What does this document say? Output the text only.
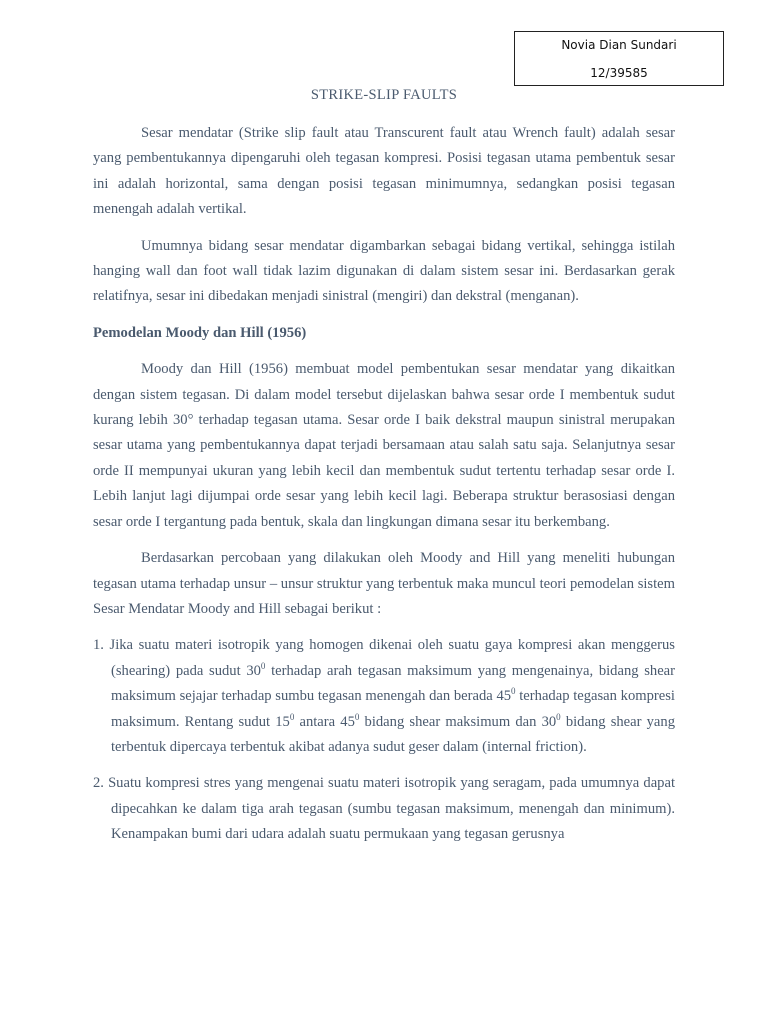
Novia Dian Sundari
12/39585
STRIKE-SLIP FAULTS

Sesar mendatar (Strike slip fault atau Transcurent fault atau Wrench fault) adalah sesar yang pembentukannya dipengaruhi oleh tegasan kompresi. Posisi tegasan utama pembentuk sesar ini adalah horizontal, sama dengan posisi tegasan minimumnya, sedangkan posisi tegasan menengah adalah vertikal.

Umumnya bidang sesar mendatar digambarkan sebagai bidang vertikal, sehingga istilah hanging wall dan foot wall tidak lazim digunakan di dalam sistem sesar ini. Berdasarkan gerak relatifnya, sesar ini dibedakan menjadi sinistral (mengiri) dan dekstral (menganan).

Pemodelan Moody dan Hill (1956)

Moody dan Hill (1956) membuat model pembentukan sesar mendatar yang dikaitkan dengan sistem tegasan. Di dalam model tersebut dijelaskan bahwa sesar orde I membentuk sudut kurang lebih 30° terhadap tegasan utama. Sesar orde I baik dekstral maupun sinistral merupakan sesar utama yang pembentukannya dapat terjadi bersamaan atau salah satu saja. Selanjutnya sesar orde II mempunyai ukuran yang lebih kecil dan membentuk sudut tertentu terhadap sesar orde I. Lebih lanjut lagi dijumpai orde sesar yang lebih kecil lagi. Beberapa struktur berasosiasi dengan sesar orde I tergantung pada bentuk, skala dan lingkungan dimana sesar itu berkembang.

Berdasarkan percobaan yang dilakukan oleh Moody and Hill yang meneliti hubungan tegasan utama terhadap unsur – unsur struktur yang terbentuk maka muncul teori pemodelan sistem Sesar Mendatar Moody and Hill sebagai berikut :

1. Jika suatu materi isotropik yang homogen dikenai oleh suatu gaya kompresi akan menggerus (shearing) pada sudut $30^0$ terhadap arah tegasan maksimum yang mengenainya, bidang shear maksimum sejajar terhadap sumbu tegasan menengah dan berada $45^0$ terhadap tegasan kompresi maksimum. Rentang sudut $15^0$ antara $45^0$ bidang shear maksimum dan $30^0$ bidang shear yang terbentuk dipercaya terbentuk akibat adanya sudut geser dalam (internal friction).
2. Suatu kompresi stres yang mengenai suatu materi isotropik yang seragam, pada umumnya dapat dipecahkan ke dalam tiga arah tegasan (sumbu tegasan maksimum, menengah dan minimum). Kenampakan bumi dari udara adalah suatu permukaan yang tegasan gerusnya
